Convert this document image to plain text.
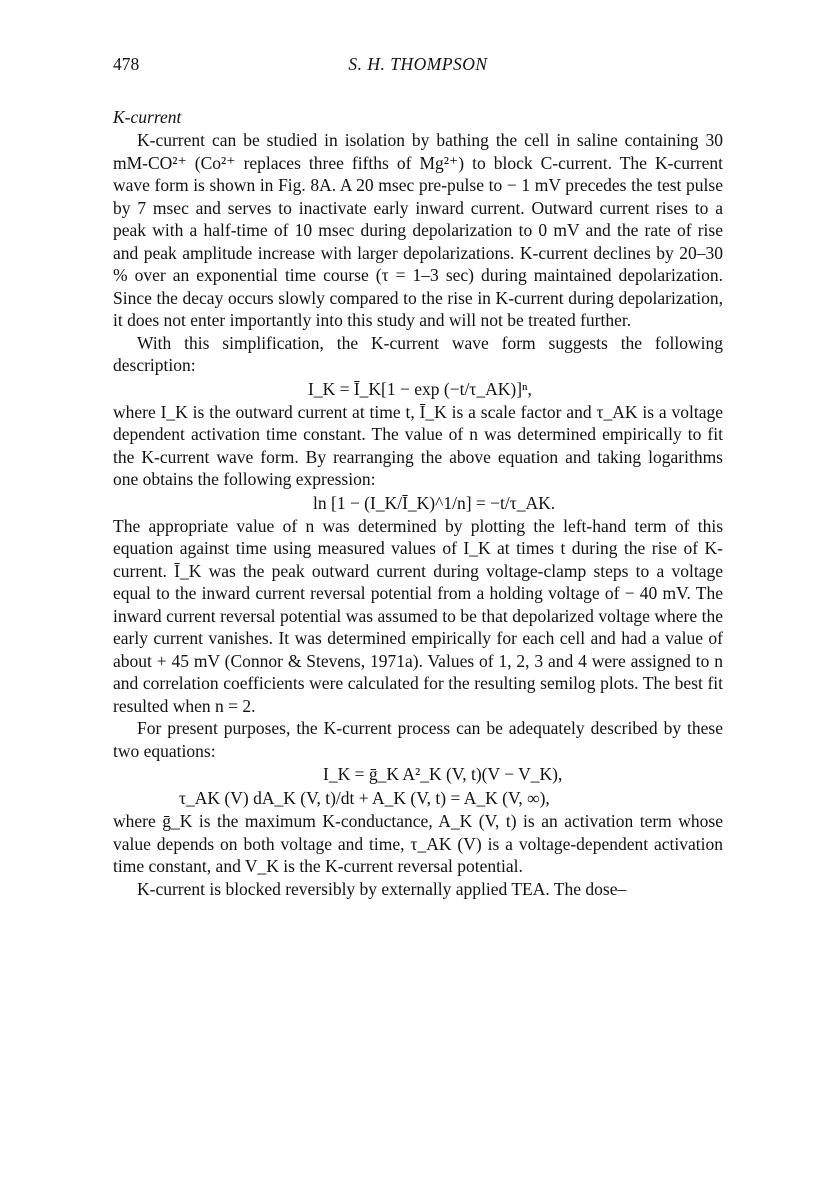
478	S. H. THOMPSON
K-current

K-current can be studied in isolation by bathing the cell in saline containing 30 mM-CO²⁺ (Co²⁺ replaces three fifths of Mg²⁺) to block C-current. The K-current wave form is shown in Fig. 8A. A 20 msec pre-pulse to − 1 mV precedes the test pulse by 7 msec and serves to inactivate early inward current. Outward current rises to a peak with a half-time of 10 msec during depolarization to 0 mV and the rate of rise and peak amplitude increase with larger depolarizations. K-current declines by 20–30 % over an exponential time course (τ = 1–3 sec) during maintained depolarization. Since the decay occurs slowly compared to the rise in K-current during depolarization, it does not enter importantly into this study and will not be treated further.

With this simplification, the K-current wave form suggests the following description:

I_K = Ī_K[1 − exp (−t/τ_AK)]ⁿ,

where I_K is the outward current at time t, Ī_K is a scale factor and τ_AK is a voltage dependent activation time constant. The value of n was determined empirically to fit the K-current wave form. By rearranging the above equation and taking logarithms one obtains the following expression:

ln [1 − (I_K/Ī_K)^1/n] = −t/τ_AK.

The appropriate value of n was determined by plotting the left-hand term of this equation against time using measured values of I_K at times t during the rise of K-current. Ī_K was the peak outward current during voltage-clamp steps to a voltage equal to the inward current reversal potential from a holding voltage of − 40 mV. The inward current reversal potential was assumed to be that depolarized voltage where the early current vanishes. It was determined empirically for each cell and had a value of about + 45 mV (Connor & Stevens, 1971a). Values of 1, 2, 3 and 4 were assigned to n and correlation coefficients were calculated for the resulting semilog plots. The best fit resulted when n = 2.

For present purposes, the K-current process can be adequately described by these two equations:

I_K = ḡ_K A²_K (V, t)(V − V_K),
τ_AK (V) dA_K (V, t)/dt + A_K (V, t) = A_K (V, ∞),

where ḡ_K is the maximum K-conductance, A_K (V, t) is an activation term whose value depends on both voltage and time, τ_AK (V) is a voltage-dependent activation time constant, and V_K is the K-current reversal potential.

K-current is blocked reversibly by externally applied TEA. The dose–
